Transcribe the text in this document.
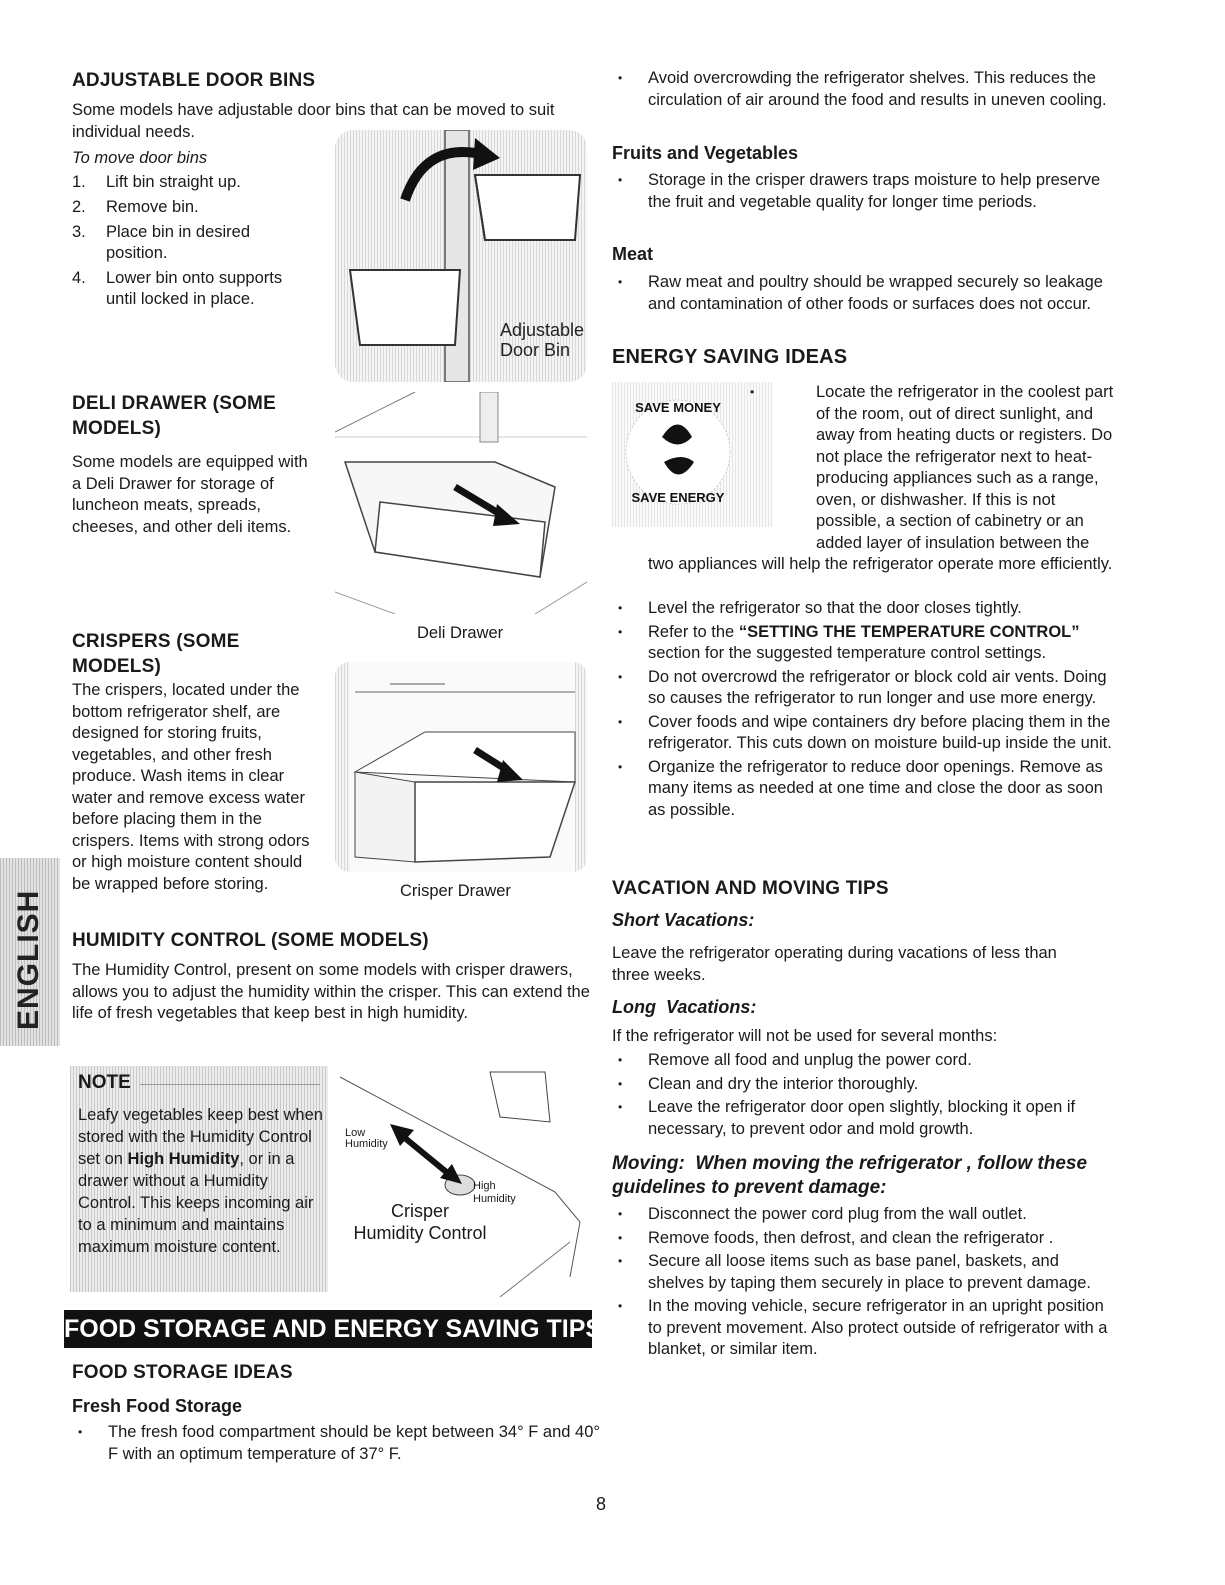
ADJUSTABLE DOOR BINS
Some models have adjustable door bins that can be moved to suit individual needs.
To move door bins
1. Lift bin straight up.
2. Remove bin.
3. Place bin in desired position.
4. Lower bin onto supports until locked in place.
Adjustable
Door Bin
DELI DRAWER (SOME
MODELS)
Some models are equipped with a Deli Drawer for storage of luncheon meats, spreads, cheeses, and other deli items.
Deli Drawer
CRISPERS (SOME
MODELS)
The crispers, located under the bottom refrigerator shelf, are designed for storing fruits, vegetables, and other fresh produce. Wash items in clear water and remove excess water before placing them in the crispers. Items with strong odors or high moisture content should be wrapped before storing.	Crisper Drawer
HUMIDITY CONTROL (SOME MODELS)
The Humidity Control, present on some models with crisper drawers, allows you to adjust the humidity within the crisper. This can extend the life of fresh vegetables that keep best in high humidity.
NOTE
Leafy vegetables keep best when stored with the Humidity Control set on High Humidity, or in a drawer without a Humidity Control. This keeps incoming air to a minimum and maintains maximum moisture content.
Low
Humidity
High
Humidity
Crisper
Humidity Control
FOOD STORAGE AND ENERGY SAVING TIPS
FOOD STORAGE IDEAS
Fresh Food Storage
• The fresh food compartment should be kept between 34° F and 40° F with an optimum temperature of 37° F.
ENGLISH
• Avoid overcrowding the refrigerator shelves. This reduces the circulation of air around the food and results in uneven cooling.
Fruits and Vegetables
• Storage in the crisper drawers traps moisture to help preserve the fruit and vegetable quality for longer time periods.
Meat
• Raw meat and poultry should be wrapped securely so leakage and contamination of other foods or surfaces does not occur.
ENERGY SAVING IDEAS
SAVE MONEY
SAVE ENERGY
•	Locate the refrigerator in the coolest part of the room, out of direct sunlight, and away from heating ducts or registers. Do not place the refrigerator next to heat-producing appliances such as a range, oven, or dishwasher. If this is not possible, a section of cabinetry or an added layer of insulation between the two appliances will help the refrigerator operate more efficiently.
• Level the refrigerator so that the door closes tightly.
• Refer to the “SETTING THE TEMPERATURE CONTROL” section for the suggested temperature control settings.
• Do not overcrowd the refrigerator or block cold air vents. Doing so causes the refrigerator to run longer and use more energy.
• Cover foods and wipe containers dry before placing them in the refrigerator. This cuts down on moisture build-up inside the unit.
• Organize the refrigerator to reduce door openings. Remove as many items as needed at one time and close the door as soon as possible.
VACATION AND MOVING TIPS
Short Vacations:
Leave the refrigerator operating during vacations of less than three weeks.
Long  Vacations:
If the refrigerator will not be used for several months:
• Remove all food and unplug the power cord.
• Clean and dry the interior thoroughly.
• Leave the refrigerator door open slightly, blocking it open if necessary, to prevent odor and mold growth.
Moving:  When moving the refrigerator , follow these guidelines to prevent damage:
• Disconnect the power cord plug from the wall outlet.
• Remove foods, then defrost, and clean the refrigerator .
• Secure all loose items such as base panel, baskets, and shelves by taping them securely in place to prevent damage.
• In the moving vehicle, secure refrigerator in an upright position to prevent movement. Also protect outside of refrigerator with a blanket, or similar item.
8
